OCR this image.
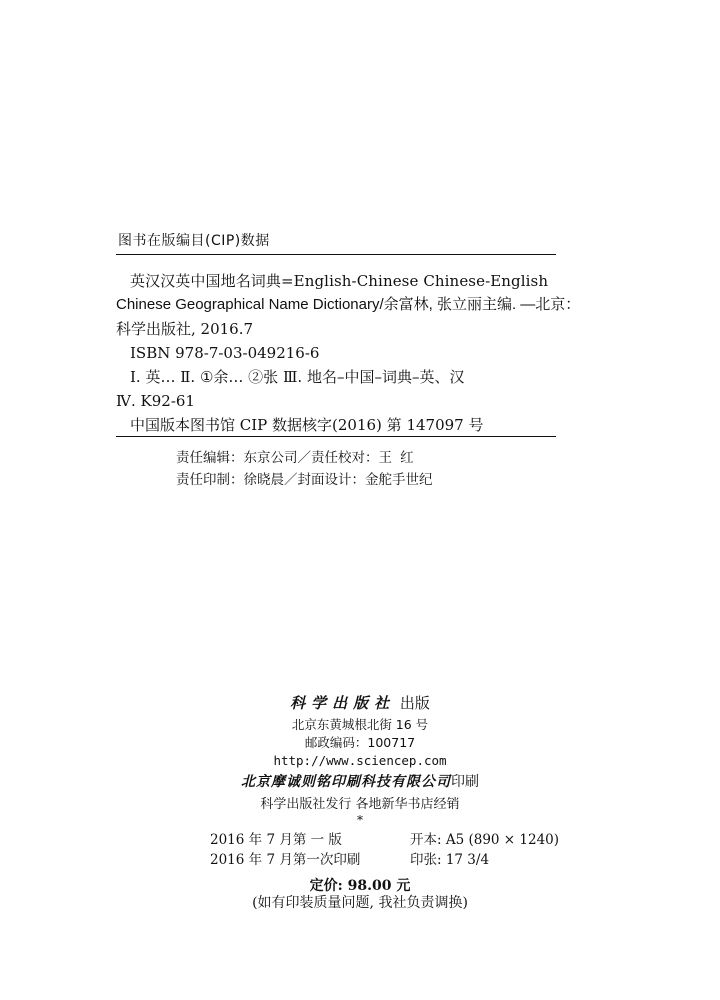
图书在版编目(CIP)数据
英汉汉英中国地名词典=English-Chinese Chinese-English
Chinese Geographical Name Dictionary/余富林, 张立丽主编. —北京：
科学出版社, 2016.7
ISBN 978-7-03-049216-6
Ⅰ. 英… Ⅱ. ①余… ②张 Ⅲ. 地名–中国–词典–英、汉
Ⅳ. K92-61
中国版本图书馆 CIP 数据核字(2016) 第 147097 号
责任编辑：东京公司／责任校对：王 红
责任印制：徐晓晨／封面设计：金舵手世纪
科学出版社 出版
北京东黄城根北街 16 号
邮政编码：100717
http://www.sciencep.com
北京摩诚则铭印刷科技有限公司印刷
科学出版社发行 各地新华书店经销
*
2016 年 7 月第 一 版	开本: A5 (890 × 1240)
2016 年 7 月第一次印刷	印张: 17 3/4
定价: 98.00 元
(如有印装质量问题, 我社负责调换)
